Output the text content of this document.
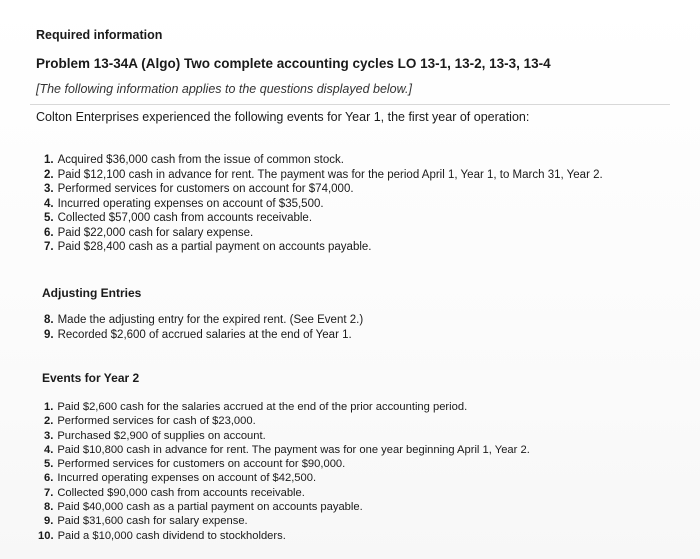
Required information
Problem 13-34A (Algo) Two complete accounting cycles LO 13-1, 13-2, 13-3, 13-4
[The following information applies to the questions displayed below.]
Colton Enterprises experienced the following events for Year 1, the first year of operation:
1. Acquired $36,000 cash from the issue of common stock.
2. Paid $12,100 cash in advance for rent. The payment was for the period April 1, Year 1, to March 31, Year 2.
3. Performed services for customers on account for $74,000.
4. Incurred operating expenses on account of $35,500.
5. Collected $57,000 cash from accounts receivable.
6. Paid $22,000 cash for salary expense.
7. Paid $28,400 cash as a partial payment on accounts payable.
Adjusting Entries
8. Made the adjusting entry for the expired rent. (See Event 2.)
9. Recorded $2,600 of accrued salaries at the end of Year 1.
Events for Year 2
1. Paid $2,600 cash for the salaries accrued at the end of the prior accounting period.
2. Performed services for cash of $23,000.
3. Purchased $2,900 of supplies on account.
4. Paid $10,800 cash in advance for rent. The payment was for one year beginning April 1, Year 2.
5. Performed services for customers on account for $90,000.
6. Incurred operating expenses on account of $42,500.
7. Collected $90,000 cash from accounts receivable.
8. Paid $40,000 cash as a partial payment on accounts payable.
9. Paid $31,600 cash for salary expense.
10. Paid a $10,000 cash dividend to stockholders.
